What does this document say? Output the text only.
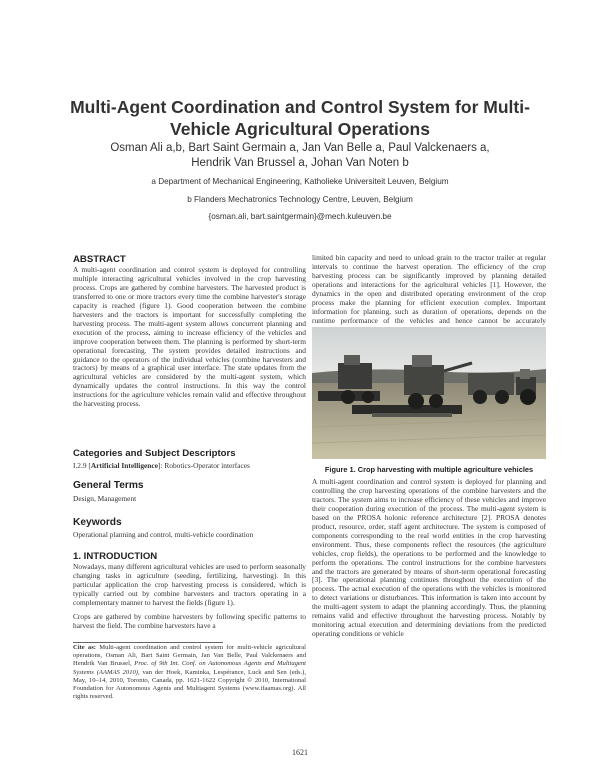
Multi-Agent Coordination and Control System for Multi-
Vehicle Agricultural Operations
Osman Ali a,b, Bart Saint Germain a, Jan Van Belle a, Paul Valckenaers a,
Hendrik Van Brussel a, Johan Van Noten b
a Department of Mechanical Engineering, Katholieke Universiteit Leuven, Belgium
b Flanders Mechatronics Technology Centre, Leuven, Belgium
{osman.ali, bart.saintgermain}@mech.kuleuven.be
ABSTRACT

A multi-agent coordination and control system is deployed for controlling multiple interacting agricultural vehicles involved in the crop harvesting process. Crops are gathered by combine harvesters. The harvested product is transferred to one or more tractors every time the combine harvester's storage capacity is reached (figure 1). Good cooperation between the combine harvesters and the tractors is important for successfully completing the harvesting process. The multi-agent system allows concurrent planning and execution of the process, aiming to increase efficiency of the vehicles and improve cooperation between them. The planning is performed by short-term operational forecasting. The system provides detailed instructions and guidance to the operators of the individual vehicles (combine harvesters and tractors) by means of a graphical user interface. The state updates from the agricultural vehicles are considered by the multi-agent system, which dynamically updates the control instructions. In this way the control instructions for the agriculture vehicles remain valid and effective throughout the harvesting process.

Categories and Subject Descriptors
I.2.9 [Artificial Intelligence]: Robotics-Operator interfaces
General Terms
Design, Management
Keywords
Operational planning and control, multi-vehicle coordination
1. INTRODUCTION

Nowadays, many different agricultural vehicles are used to perform seasonally changing tasks in agriculture (seeding, fertilizing, harvesting). In this particular application the crop harvesting process is considered, which is typically carried out by combine harvesters and tractors operating in a complementary manner to harvest the fields (figure 1).

Crops are gathered by combine harvesters by following specific patterns to harvest the field. The combine harvesters have a

Cite as: Multi-agent coordination and control system for multi-vehicle agricultural operations, Osman Ali, Bart Saint Germain, Jan Van Belle, Paul Valckenaers and Hendrik Van Brussel, Proc. of 9th Int. Conf. on Autonomous Agents and Multiagent Systems (AAMAS 2010), van der Hoek, Kaminka, Lespérance, Luck and Sen (eds.), May, 10–14, 2010, Toronto, Canada, pp. 1621-1622 Copyright © 2010, International Foundation for Autonomous Agents and Multiagent Systems (www.ifaamas.org). All rights reserved.
limited bin capacity and need to unload grain to the tractor trailer at regular intervals to continue the harvest operation. The efficiency of the crop harvesting process can be significantly improved by planning detailed operations and interactions for the agricultural vehicles [1]. However, the dynamics in the open and distributed operating environment of the crop process make the planning for efficient execution complex. Important information for planning, such as duration of operations, depends on the runtime performance of the vehicles and hence cannot be accurately
Figure 1. Crop harvesting with multiple agriculture vehicles
A multi-agent coordination and control system is deployed for planning and controlling the crop harvesting operations of the combine harvesters and the tractors. The system aims to increase efficiency of these vehicles and improve their cooperation during execution of the process. The multi-agent system is based on the PROSA holonic reference architecture [2]. PROSA denotes product, resource, order, staff agent architecture. The system is composed of components corresponding to the real world entities in the crop harvesting environment. Thus, these components reflect the resources (the agriculture vehicles, crop fields), the operations to be performed and the knowledge to perform the operations. The control instructions for the combine harvesters and the tractors are generated by means of short-term operational forecasting [3]. The operational planning continues throughout the execution of the process. The actual execution of the operations with the vehicles is monitored to detect variations or disturbances. This information is taken into account by the multi-agent system to adapt the planning accordingly. Thus, the planning remains valid and effective throughout the harvesting process. Notably by monitoring actual execution and determining deviations from the predicted operating conditions or vehicle
1621
